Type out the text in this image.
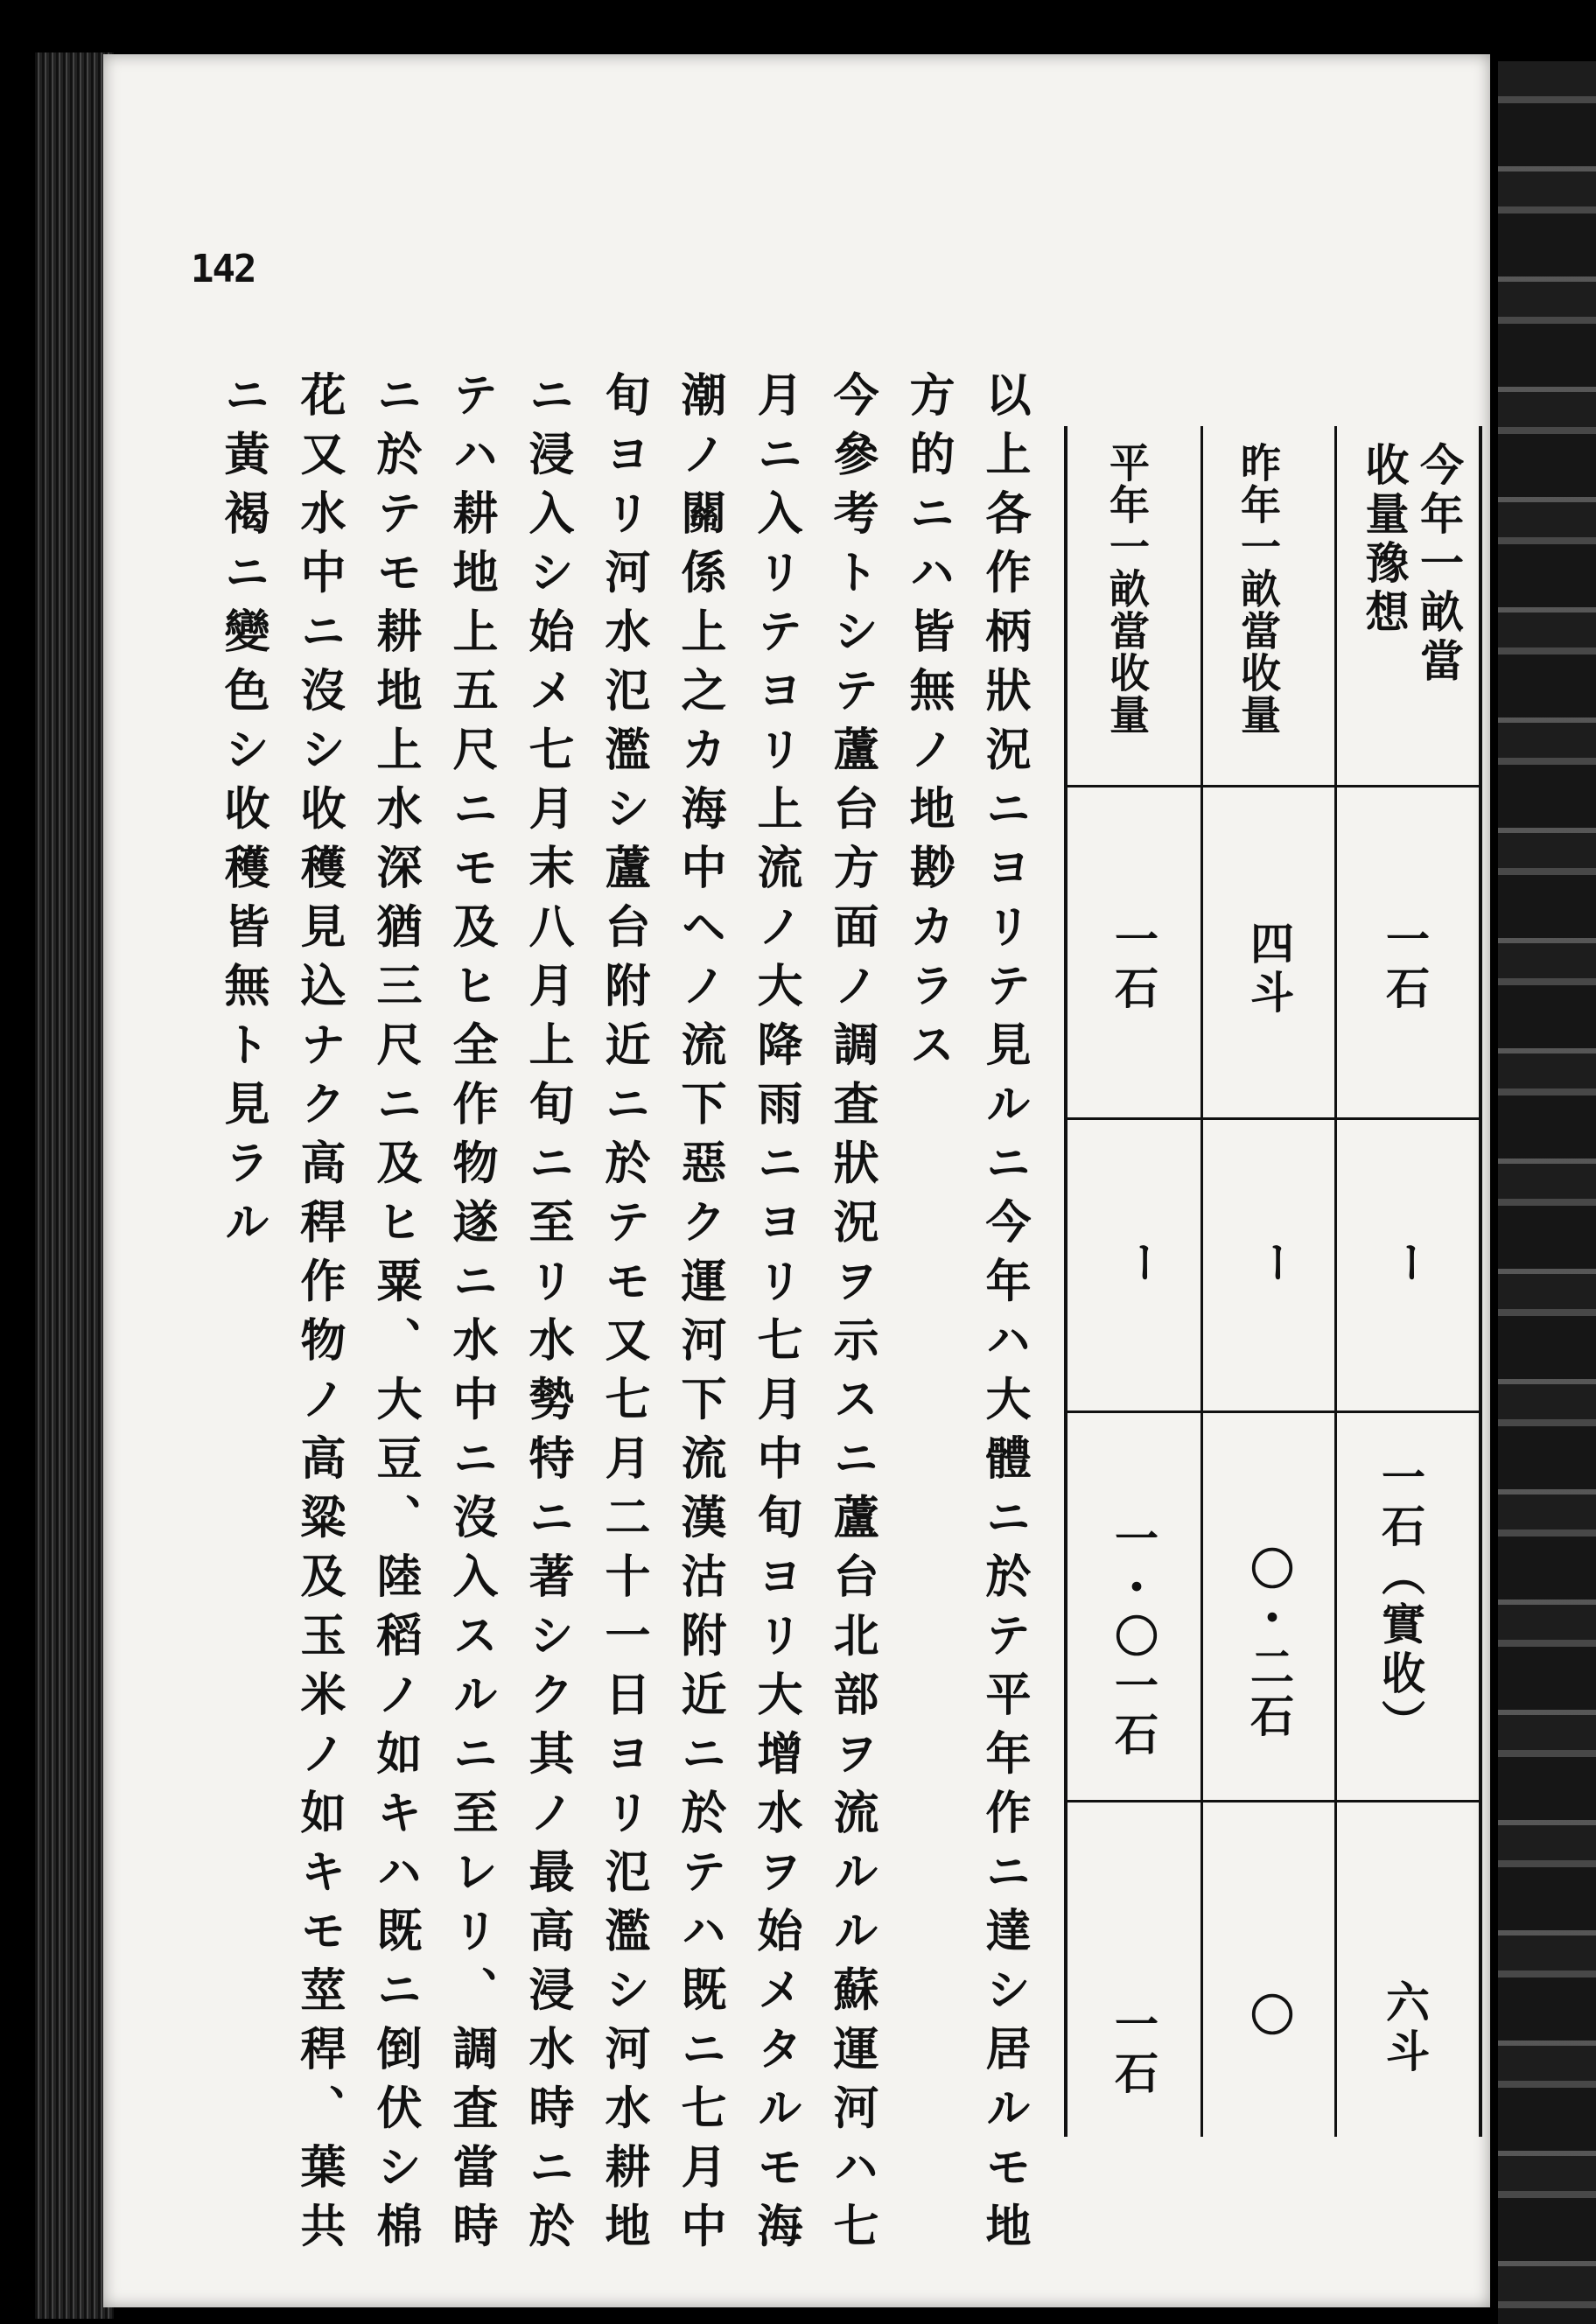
142
以上各作柄狀況ニヨリテ見ルニ今年ハ大體ニ於テ平年作ニ達シ居ルモ地
方的ニハ皆無ノ地尠カラス
今參考トシテ蘆台方面ノ調査狀況ヲ示スニ蘆台北部ヲ流ルル蘇運河ハ七
月ニ入リテヨリ上流ノ大降雨ニヨリ七月中旬ヨリ大增水ヲ始メタルモ海
潮ノ關係上之カ海中ヘノ流下惡ク運河下流漢沽附近ニ於テハ既ニ七月中
旬ヨリ河水氾濫シ蘆台附近ニ於テモ又七月二十一日ヨリ氾濫シ河水耕地
ニ浸入シ始メ七月末八月上旬ニ至リ水勢特ニ著シク其ノ最高浸水時ニ於
テハ耕地上五尺ニモ及ヒ全作物遂ニ水中ニ沒入スルニ至レリ、調査當時
ニ於テモ耕地上水深猶三尺ニ及ヒ粟、大豆、陸稻ノ如キハ既ニ倒伏シ棉
花又水中ニ沒シ收穫見込ナク高稈作物ノ高粱及玉米ノ如キモ莖稈、葉共
ニ黃褐ニ變色シ收穫皆無ト見ラル	今年一畝當
收量豫想
一石
ー
一石（實收）
六斗
昨年一畝當收量
四斗
ー
〇・二石
〇
平年一畝當收量
一石
ー
一・〇一石
一石
